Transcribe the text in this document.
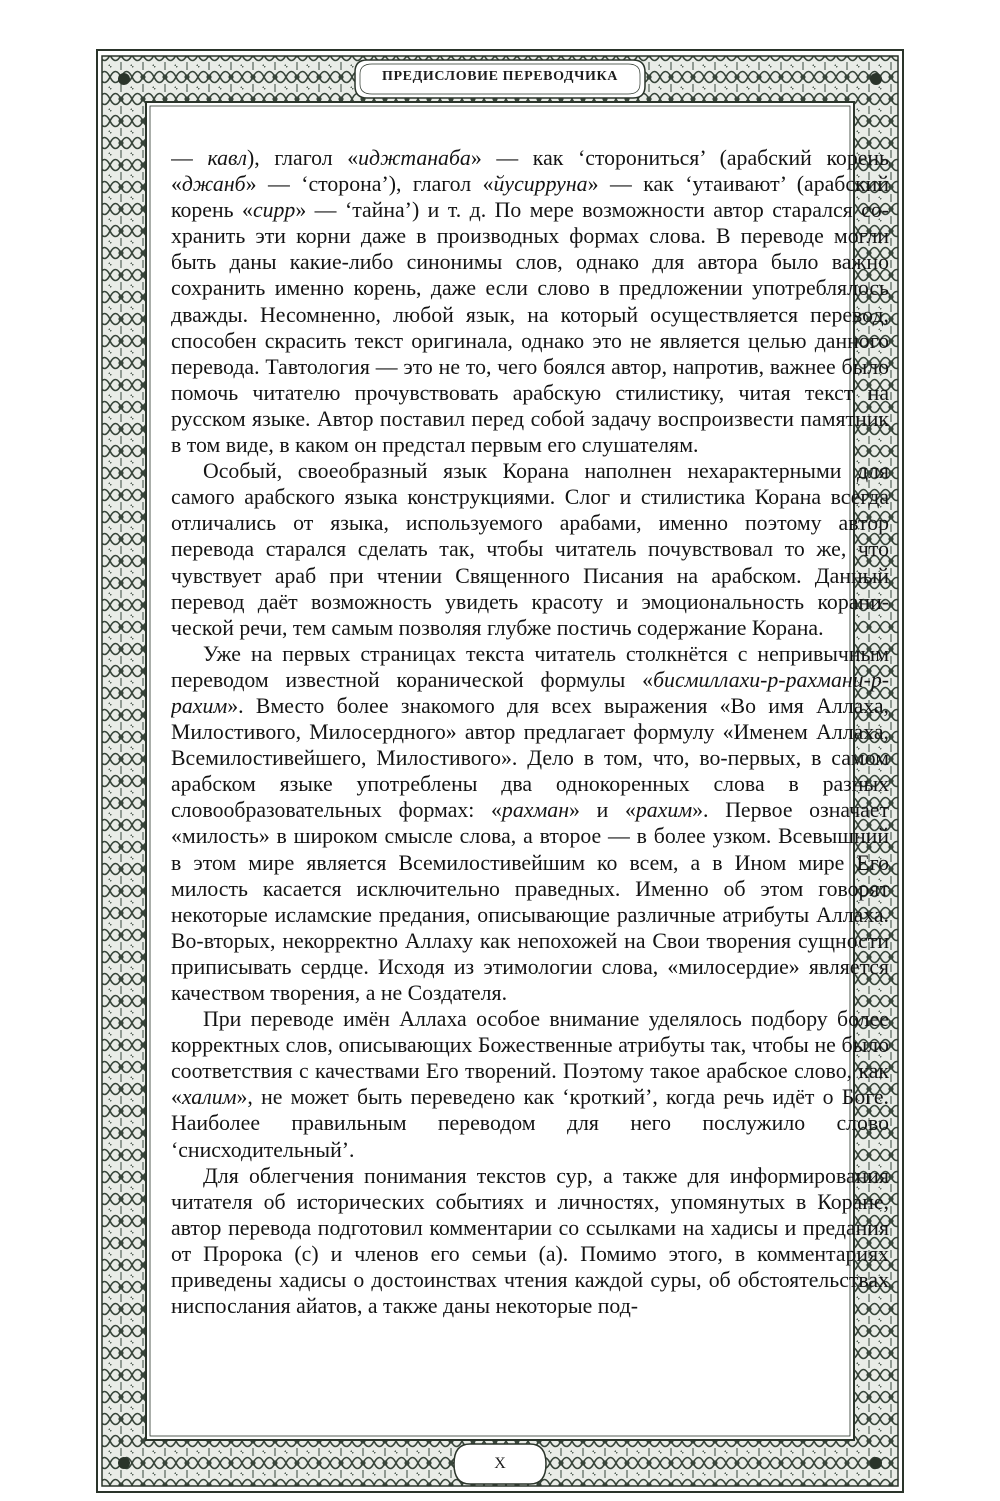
ПРЕДИСЛОВИЕ ПЕРЕВОДЧИКА

— кавл), глагол «иджтанаба» — как ‘сторониться’ (арабский корень «джанб» — ‘сторона’), глагол «йусирруна» — как ‘утаивают’ (арабский корень «сирр» — ‘тайна’) и т. д. По мере возможности автор старался сохранить эти корни даже в производных формах слова. В переводе могли быть даны какие-либо синонимы слов, однако для автора было важно сохранить именно корень, даже если слово в предложении употреблялось дважды. Несомненно, любой язык, на который осуществляется перевод, способен скрасить текст оригинала, однако это не является целью данного перевода. Тавтология — это не то, чего боялся автор, напротив, важнее было помочь читателю прочувствовать арабскую стилистику, читая текст на русском языке. Автор поставил перед собой задачу воспроизвести памятник в том виде, в каком он предстал первым его слушателям.

Особый, своеобразный язык Корана наполнен нехарактерными для самого арабского языка конструкциями. Слог и стилистика Корана всегда отличались от языка, используемого арабами, именно поэтому автор перевода старался сделать так, чтобы читатель почувствовал то же, что чувствует араб при чтении Священного Писания на арабском. Данный перевод даёт возможность увидеть красоту и эмоциональность коранической речи, тем самым позволяя глубже постичь содержание Корана.

Уже на первых страницах текста читатель столкнётся с непривычным переводом известной коранической формулы «бисмиллахи-р-рахмани-р-рахим». Вместо более знакомого для всех выражения «Во имя Аллаха, Милостивого, Милосердного» автор предлагает формулу «Именем Аллаха, Всемилостивейшего, Милостивого». Дело в том, что, во-первых, в самом арабском языке употреблены два однокоренных слова в разных словообразовательных формах: «рахман» и «рахим». Первое означает «милость» в широком смысле слова, а второе — в более узком. Всевышний в этом мире является Всемилостивейшим ко всем, а в Ином мире Его милость касается исключительно праведных. Именно об этом говорят некоторые исламские предания, описывающие различные атрибуты Аллаха. Во-вторых, некорректно Аллаху как непохожей на Свои творения сущности приписывать сердце. Исходя из этимологии слова, «милосердие» является качеством творения, а не Создателя.

При переводе имён Аллаха особое внимание уделялось подбору более корректных слов, описывающих Божественные атрибуты так, чтобы не было соответствия с качествами Его творений. Поэтому такое арабское слово, как «халим», не может быть переведено как ‘кроткий’, когда речь идёт о Боге. Наиболее правильным переводом для него послужило слово ‘снисходительный’.

Для облегчения понимания текстов сур, а также для информирования читателя об исторических событиях и личностях, упомянутых в Коране, автор перевода подготовил комментарии со ссылками на хадисы и предания от Пророка (с) и членов его семьи (а). Помимо этого, в комментариях приведены хадисы о достоинствах чтения каждой суры, об обстоятельствах ниспослания айатов, а также даны некоторые под-

X
